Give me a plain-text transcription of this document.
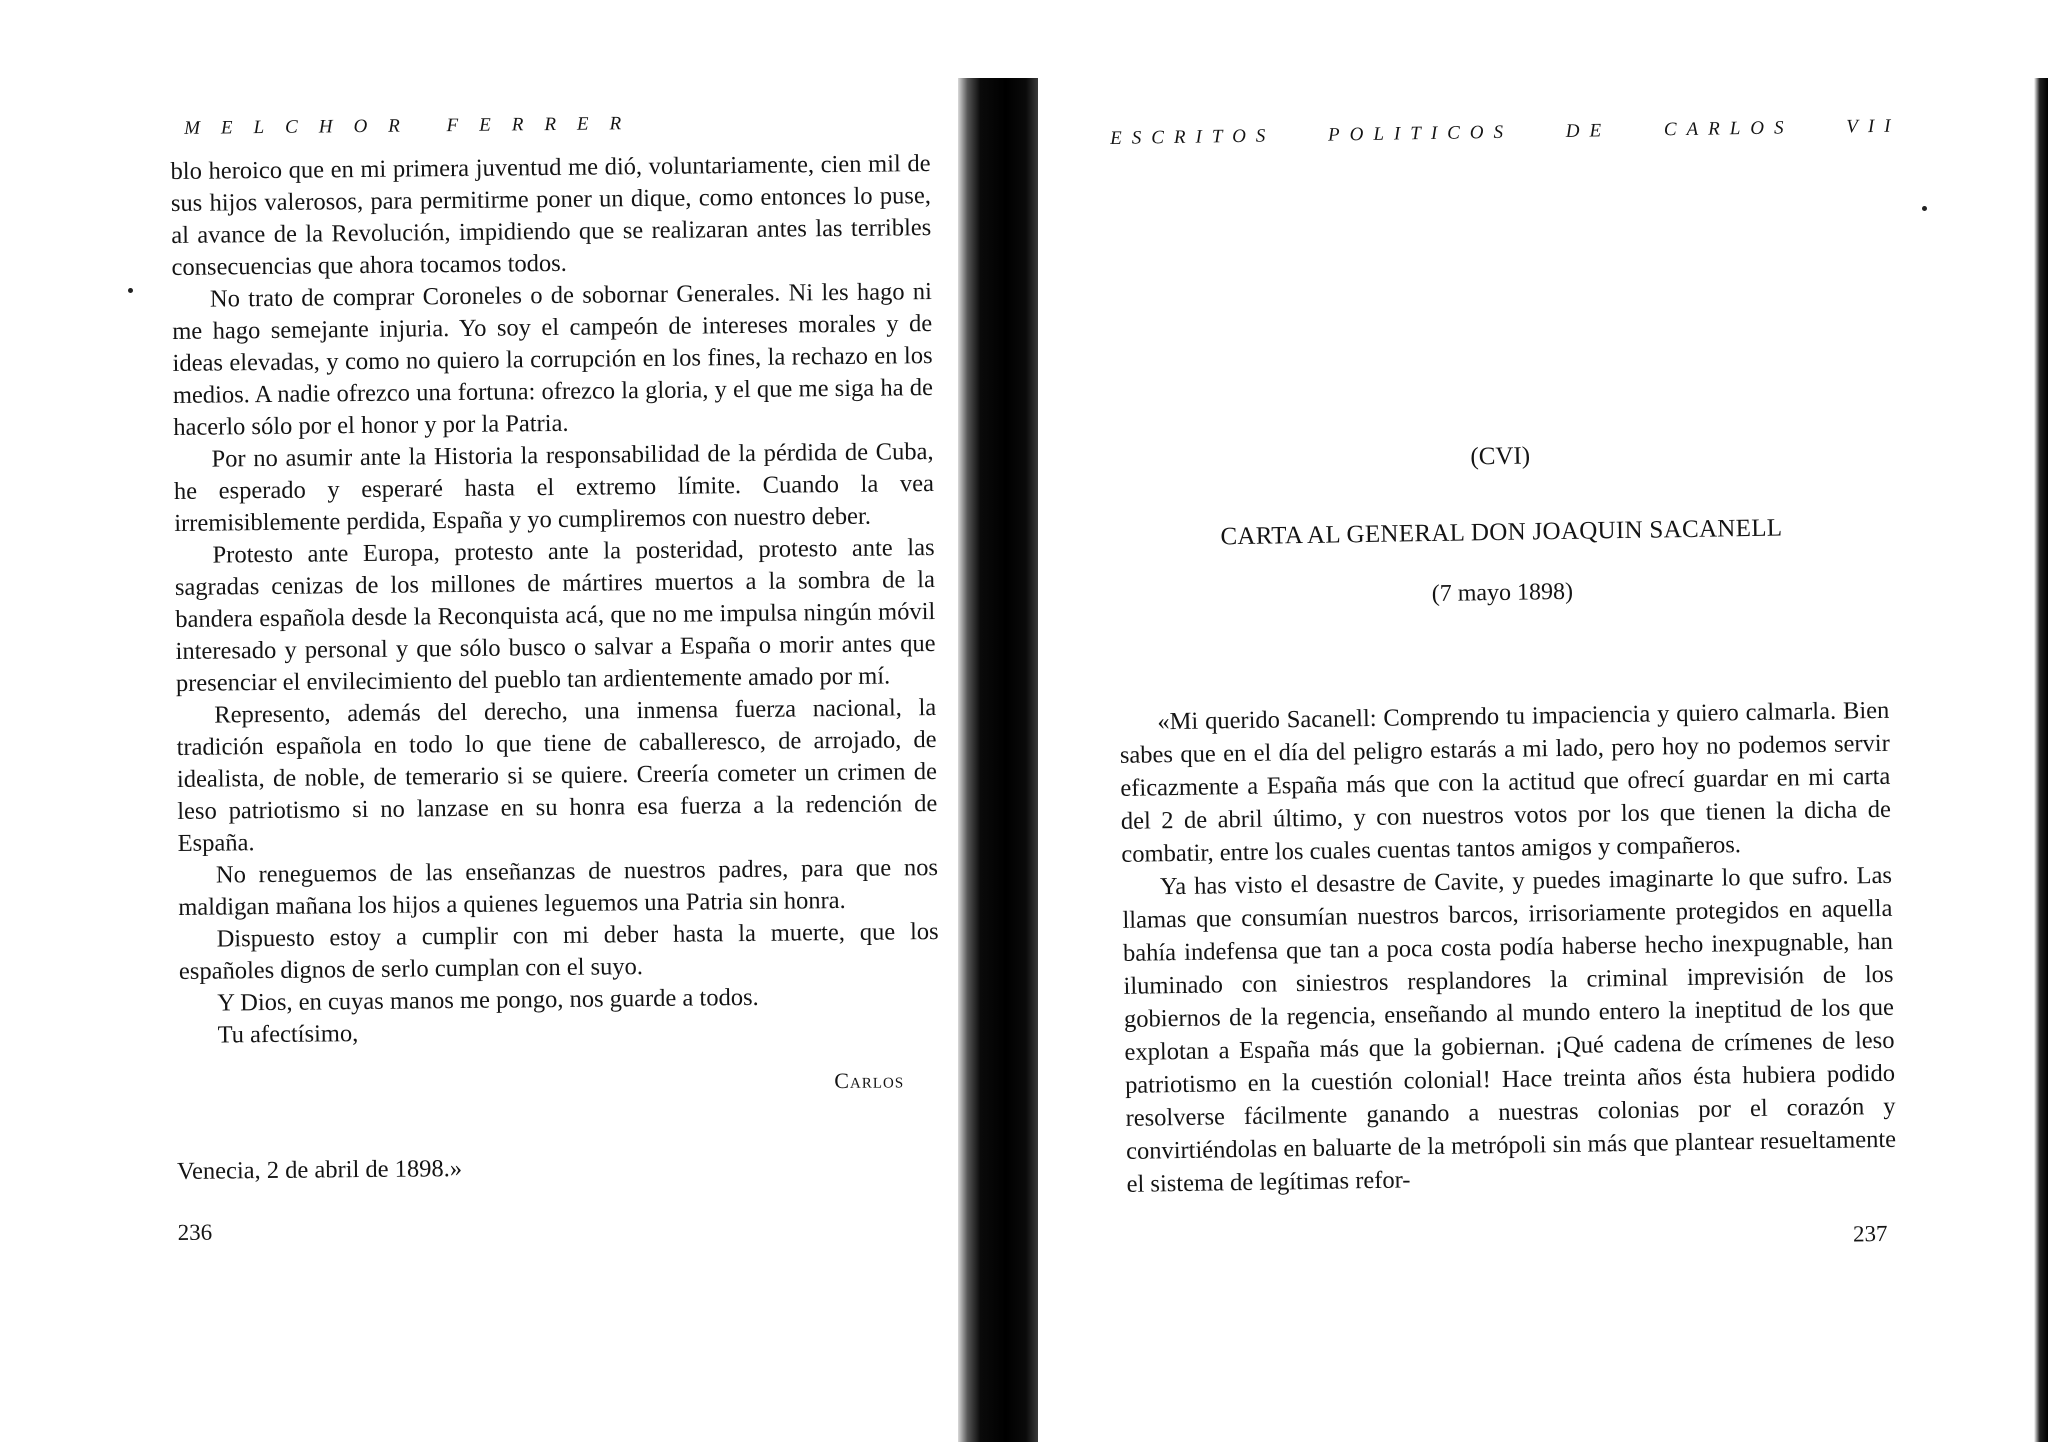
MELCHOR FERRER

blo heroico que en mi primera juventud me dió, voluntariamente, cien mil de sus hijos valerosos, para permitirme poner un dique, como entonces lo puse, al avance de la Revolución, impidiendo que se realizaran antes las terribles consecuencias que ahora tocamos todos.

No trato de comprar Coroneles o de sobornar Generales. Ni les hago ni me hago semejante injuria. Yo soy el campeón de intereses morales y de ideas elevadas, y como no quiero la corrupción en los fines, la rechazo en los medios. A nadie ofrezco una fortuna: ofrezco la gloria, y el que me siga ha de hacerlo sólo por el honor y por la Patria.

Por no asumir ante la Historia la responsabilidad de la pérdida de Cuba, he esperado y esperaré hasta el extremo límite. Cuando la vea irremisiblemente perdida, España y yo cumpliremos con nuestro deber.

Protesto ante Europa, protesto ante la posteridad, protesto ante las sagradas cenizas de los millones de mártires muertos a la sombra de la bandera española desde la Reconquista acá, que no me impulsa ningún móvil interesado y personal y que sólo busco o salvar a España o morir antes que presenciar el envilecimiento del pueblo tan ardientemente amado por mí.

Represento, además del derecho, una inmensa fuerza nacional, la tradición española en todo lo que tiene de caballeresco, de arrojado, de idealista, de noble, de temerario si se quiere. Creería cometer un crimen de leso patriotismo si no lanzase en su honra esa fuerza a la redención de España.

No reneguemos de las enseñanzas de nuestros padres, para que nos maldigan mañana los hijos a quienes leguemos una Patria sin honra.

Dispuesto estoy a cumplir con mi deber hasta la muerte, que los españoles dignos de serlo cumplan con el suyo.

Y Dios, en cuyas manos me pongo, nos guarde a todos.

Tu afectísimo,

Carlos
Venecia, 2 de abril de 1898.»
236
ESCRITOS POLITICOS DE CARLOS VII
(CVI)
CARTA AL GENERAL DON JOAQUIN SACANELL
(7 mayo 1898)

«Mi querido Sacanell: Comprendo tu impaciencia y quiero calmarla. Bien sabes que en el día del peligro estarás a mi lado, pero hoy no podemos servir eficazmente a España más que con la actitud que ofrecí guardar en mi carta del 2 de abril último, y con nuestros votos por los que tienen la dicha de combatir, entre los cuales cuentas tantos amigos y compañeros.

Ya has visto el desastre de Cavite, y puedes imaginarte lo que sufro. Las llamas que consumían nuestros barcos, irrisoriamente protegidos en aquella bahía indefensa que tan a poca costa podía haberse hecho inexpugnable, han iluminado con siniestros resplandores la criminal imprevisión de los gobiernos de la regencia, enseñando al mundo entero la ineptitud de los que explotan a España más que la gobiernan. ¡Qué cadena de crímenes de leso patriotismo en la cuestión colonial! Hace treinta años ésta hubiera podido resolverse fácilmente ganando a nuestras colonias por el corazón y convirtiéndolas en baluarte de la metrópoli sin más que plantear resueltamente el sistema de legítimas refor-

237
